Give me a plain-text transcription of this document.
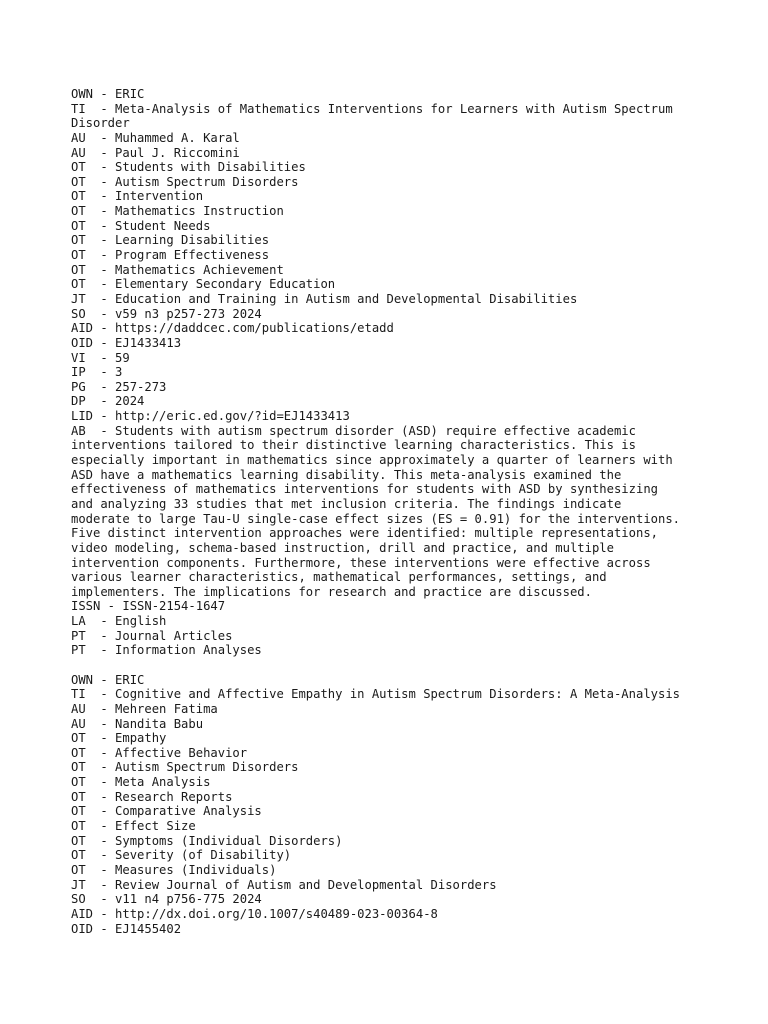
OWN - ERIC
TI  - Meta-Analysis of Mathematics Interventions for Learners with Autism Spectrum
Disorder
AU  - Muhammed A. Karal
AU  - Paul J. Riccomini
OT  - Students with Disabilities
OT  - Autism Spectrum Disorders
OT  - Intervention
OT  - Mathematics Instruction
OT  - Student Needs
OT  - Learning Disabilities
OT  - Program Effectiveness
OT  - Mathematics Achievement
OT  - Elementary Secondary Education
JT  - Education and Training in Autism and Developmental Disabilities
SO  - v59 n3 p257-273 2024
AID - https://daddcec.com/publications/etadd
OID - EJ1433413
VI  - 59
IP  - 3
PG  - 257-273
DP  - 2024
LID - http://eric.ed.gov/?id=EJ1433413
AB  - Students with autism spectrum disorder (ASD) require effective academic
interventions tailored to their distinctive learning characteristics. This is
especially important in mathematics since approximately a quarter of learners with
ASD have a mathematics learning disability. This meta-analysis examined the
effectiveness of mathematics interventions for students with ASD by synthesizing
and analyzing 33 studies that met inclusion criteria. The findings indicate
moderate to large Tau-U single-case effect sizes (ES = 0.91) for the interventions.
Five distinct intervention approaches were identified: multiple representations,
video modeling, schema-based instruction, drill and practice, and multiple
intervention components. Furthermore, these interventions were effective across
various learner characteristics, mathematical performances, settings, and
implementers. The implications for research and practice are discussed.
ISSN - ISSN-2154-1647
LA  - English
PT  - Journal Articles
PT  - Information Analyses
OWN - ERIC
TI  - Cognitive and Affective Empathy in Autism Spectrum Disorders: A Meta-Analysis
AU  - Mehreen Fatima
AU  - Nandita Babu
OT  - Empathy
OT  - Affective Behavior
OT  - Autism Spectrum Disorders
OT  - Meta Analysis
OT  - Research Reports
OT  - Comparative Analysis
OT  - Effect Size
OT  - Symptoms (Individual Disorders)
OT  - Severity (of Disability)
OT  - Measures (Individuals)
JT  - Review Journal of Autism and Developmental Disorders
SO  - v11 n4 p756-775 2024
AID - http://dx.doi.org/10.1007/s40489-023-00364-8
OID - EJ1455402
